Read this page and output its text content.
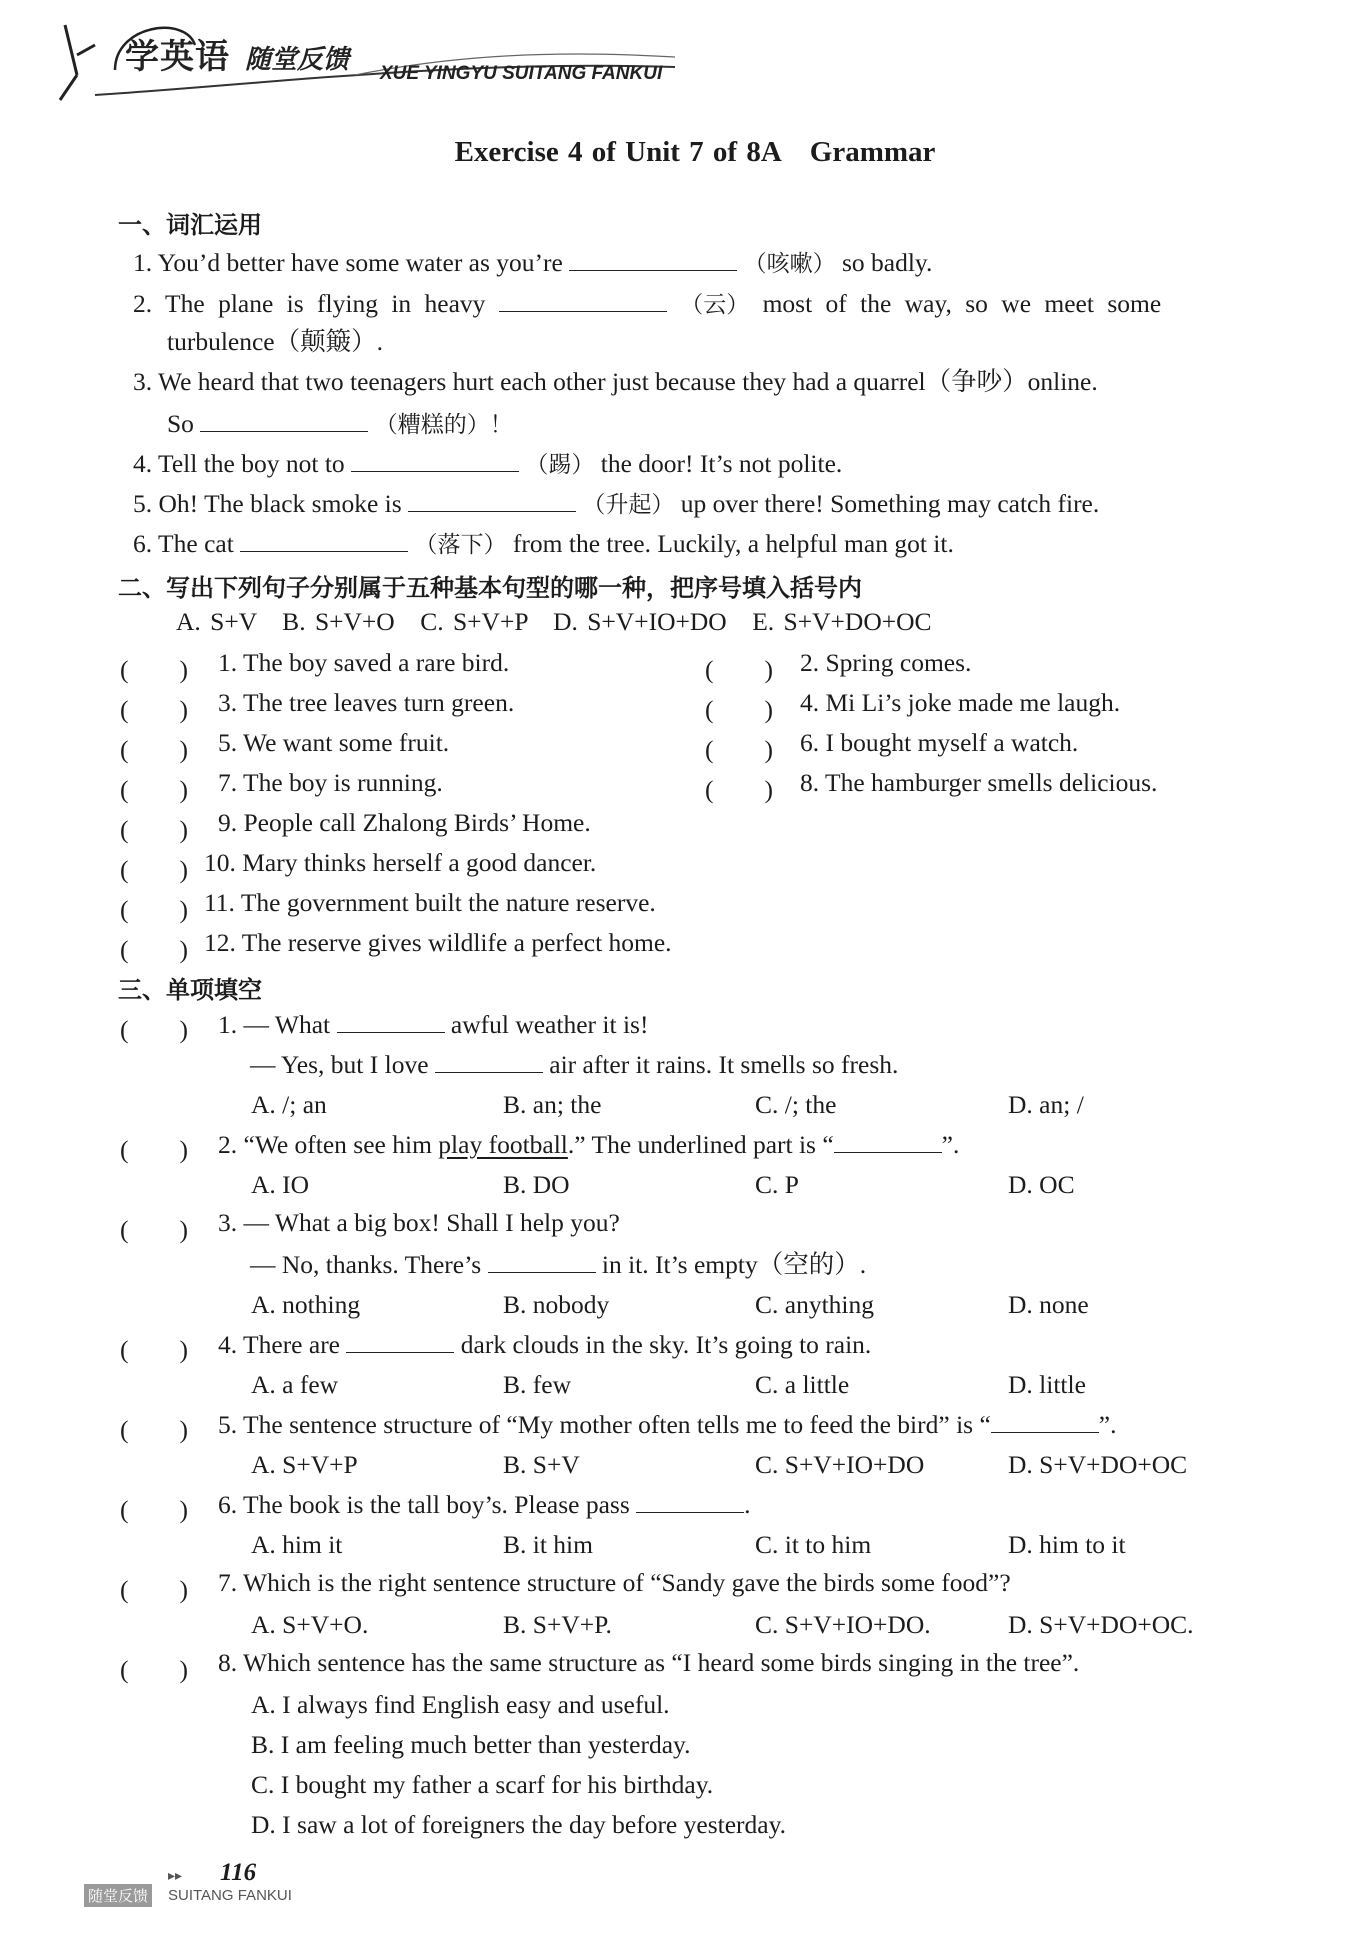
学英语 随堂反馈 XUE YINGYU SUITANG FANKUI
Exercise 4 of Unit 7 of 8A Grammar
一、词汇运用
1. You’d better have some water as you’re	（咳嗽） so badly.
2. The plane is flying in heavy	（云） most of the way, so we meet some
turbulence（颠簸）.
3. We heard that two teenagers hurt each other just because they had a quarrel（争吵）online.
So	（糟糕的）！
4. Tell the boy not to	（踢） the door! It’s not polite.
5. Oh! The black smoke is	（升起） up over there! Something may catch fire.
6. The cat	（落下） from the tree. Luckily, a helpful man got it.
二、写出下列句子分别属于五种基本句型的哪一种，把序号填入括号内
A. S+V　B. S+V+O　C. S+V+P　D. S+V+IO+DO　E. S+V+DO+OC
(　　) 1. The boy saved a rare bird.
(　　) 3. The tree leaves turn green.
(　　) 5. We want some fruit.
(　　) 7. The boy is running.
(　　) 9. People call Zhalong Birds’ Home.
(　　) 10. Mary thinks herself a good dancer.
(　　) 11. The government built the nature reserve.
(　　) 12. The reserve gives wildlife a perfect home.
(　　) 2. Spring comes.
(　　) 4. Mi Li’s joke made me laugh.
(　　) 6. I bought myself a watch.
(　　) 8. The hamburger smells delicious.
三、单项填空
(　　) 1. — What	awful weather it is!
— Yes, but I love	air after it rains. It smells so fresh.
A. /; an	B. an; the	C. /; the	D. an; /
(　　) 2. “We often see him play football.” The underlined part is “	”.
A. IO	B. DO	C. P	D. OC
(　　) 3. — What a big box! Shall I help you?
— No, thanks. There’s	in it. It’s empty（空的）.
A. nothing	B. nobody	C. anything	D. none
(　　) 4. There are	dark clouds in the sky. It’s going to rain.
A. a few	B. few	C. a little	D. little
(　　) 5. The sentence structure of “My mother often tells me to feed the bird” is “	”.
A. S+V+P	B. S+V	C. S+V+IO+DO	D. S+V+DO+OC
(　　) 6. The book is the tall boy’s. Please pass	.
A. him it	B. it him	C. it to him	D. him to it
(　　) 7. Which is the right sentence structure of “Sandy gave the birds some food”?
A. S+V+O.	B. S+V+P.	C. S+V+IO+DO.	D. S+V+DO+OC.
(　　) 8. Which sentence has the same structure as “I heard some birds singing in the tree”.
A. I always find English easy and useful.
B. I am feeling much better than yesterday.
C. I bought my father a scarf for his birthday.
D. I saw a lot of foreigners the day before yesterday.
▸▸ 116
随堂反馈 SUITANG FANKUI
